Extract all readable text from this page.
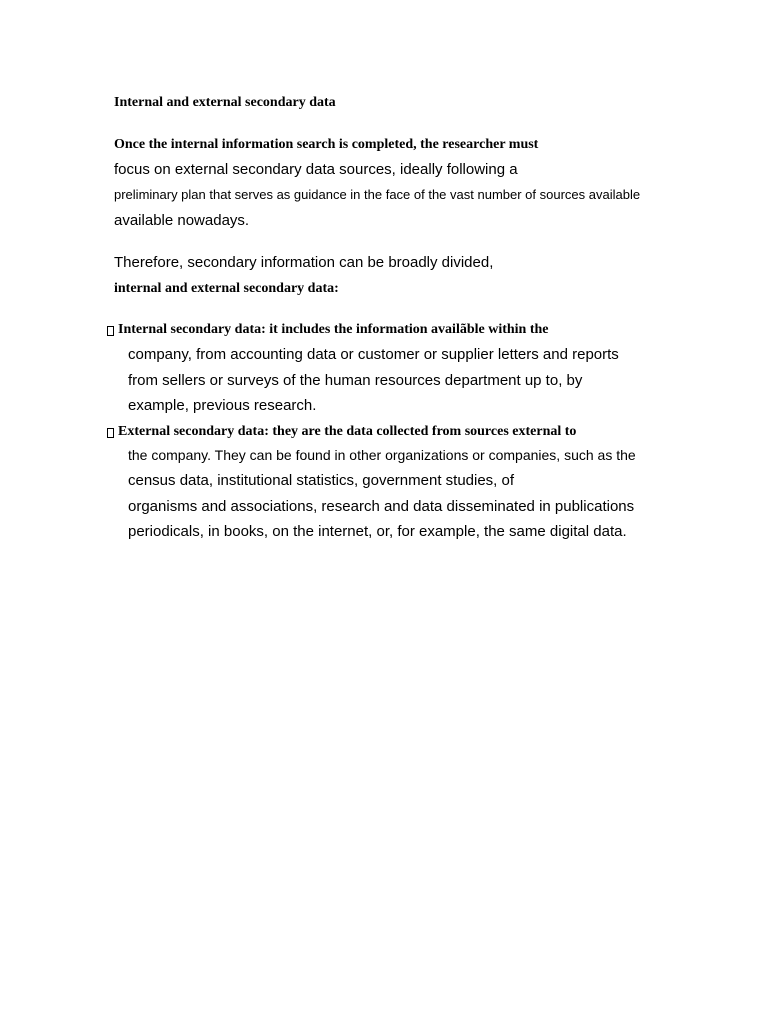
Internal and external secondary data
Once the internal information search is completed, the researcher must
focus on external secondary data sources, ideally following a
preliminary plan that serves as guidance in the face of the vast number of sources available
available nowadays.
Therefore, secondary information can be broadly divided,
internal and external secondary data:
Internal secondary data: it includes the information availãble within the
company, from accounting data or customer or supplier letters and reports
from sellers or surveys of the human resources department up to, by
example, previous research.
External secondary data: they are the data collected from sources external to
the company. They can be found in other organizations or companies, such as the
census data, institutional statistics, government studies, of
organisms and associations, research and data disseminated in publications
periodicals, in books, on the internet, or, for example, the same digital data.
